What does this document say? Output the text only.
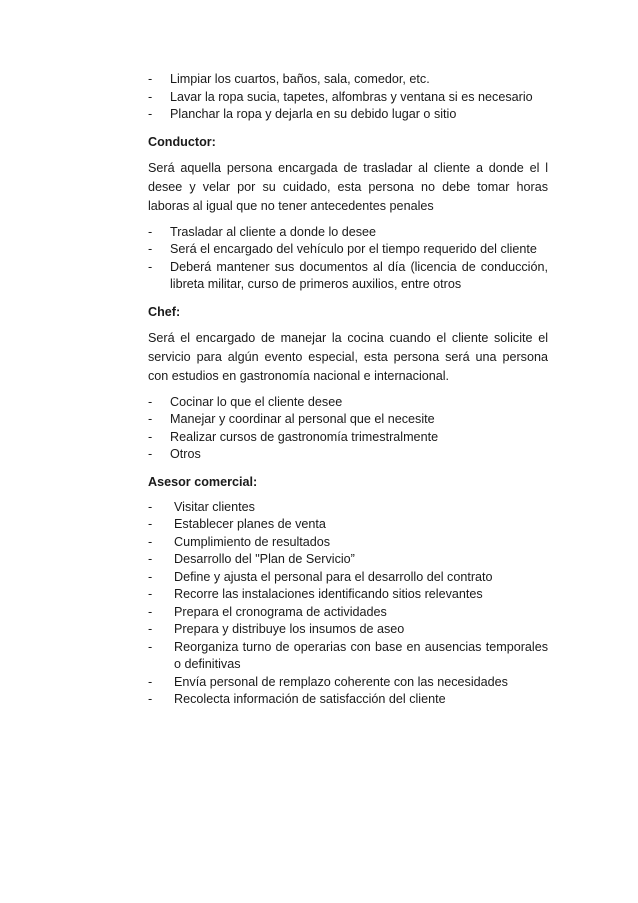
- Limpiar los cuartos, baños, sala, comedor, etc.
- Lavar la ropa sucia, tapetes, alfombras y ventana si es necesario
- Planchar la ropa y dejarla en su debido lugar o sitio
Conductor:
Será aquella persona encargada de trasladar al cliente a donde el l desee y velar por su cuidado, esta persona no debe tomar horas laboras al igual que no tener antecedentes penales
- Trasladar al cliente a donde lo desee
- Será el encargado del vehículo por el tiempo requerido del cliente
- Deberá mantener sus documentos al día (licencia de conducción, libreta militar, curso de primeros auxilios, entre otros
Chef:
Será el encargado de manejar la cocina cuando el cliente solicite el servicio para algún evento especial, esta persona será una persona con estudios en gastronomía nacional e internacional.
- Cocinar lo que el cliente desee
- Manejar y coordinar al personal que el necesite
- Realizar cursos de gastronomía trimestralmente
- Otros
Asesor comercial:
- Visitar clientes
- Establecer planes de venta
- Cumplimiento de resultados
- Desarrollo del "Plan de Servicio”
- Define y ajusta el personal para el desarrollo del contrato
- Recorre las instalaciones identificando sitios relevantes
- Prepara el cronograma de actividades
- Prepara y distribuye los insumos de aseo
- Reorganiza turno de operarias con base en ausencias temporales o definitivas
- Envía personal de remplazo coherente con las necesidades
- Recolecta información de satisfacción del cliente
